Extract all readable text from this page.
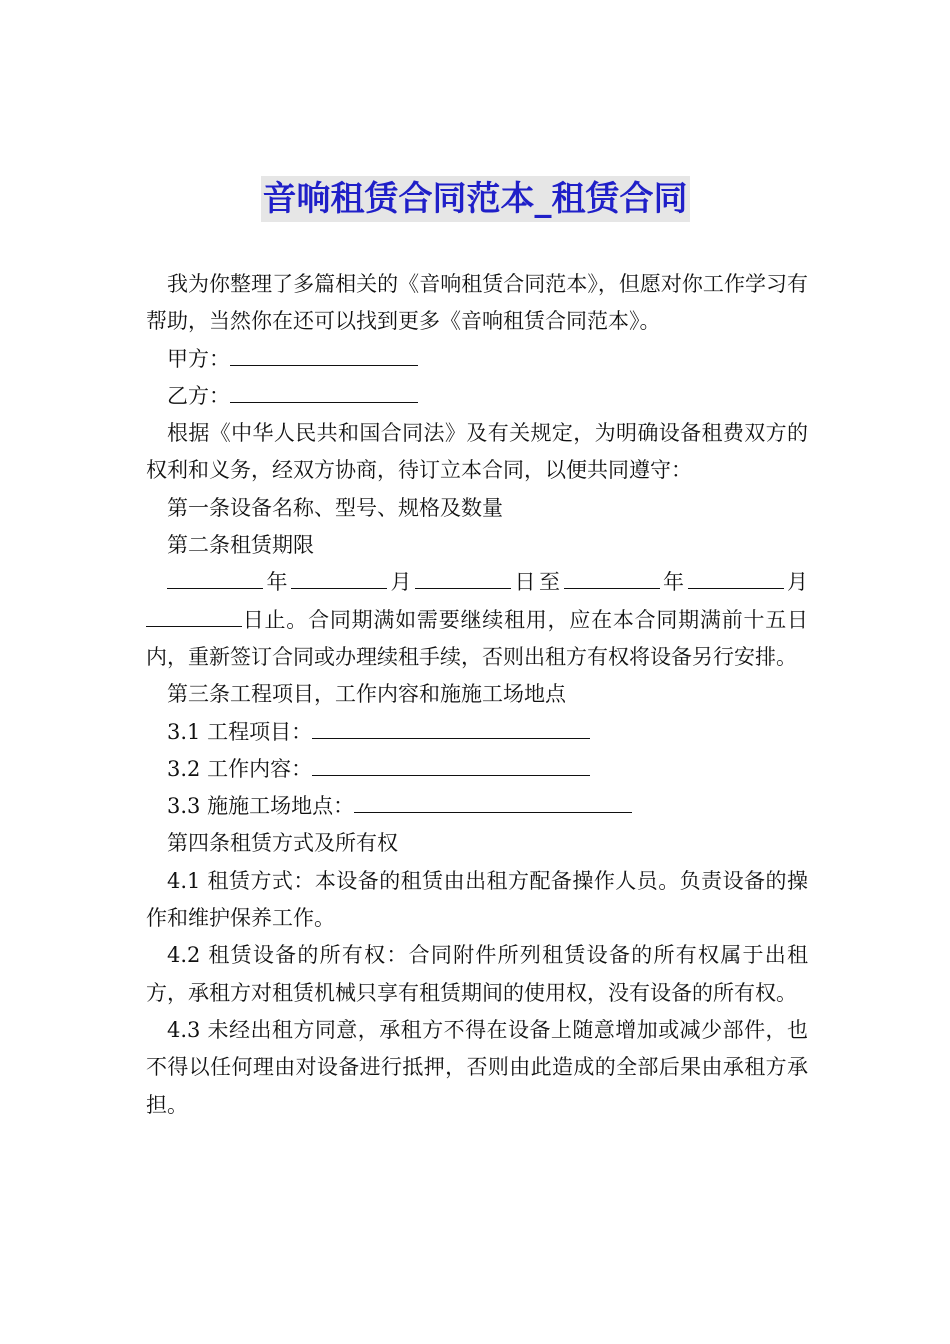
音响租赁合同范本_租赁合同

我为你整理了多篇相关的《音响租赁合同范本》，但愿对你工作学习有帮助，当然你在还可以找到更多《音响租赁合同范本》。

甲方：

乙方：

根据《中华人民共和国合同法》及有关规定，为明确设备租费双方的权利和义务，经双方协商，待订立本合同，以便共同遵守：

第一条设备名称、型号、规格及数量

第二条租赁期限

年	月	日至	年	月日止。合同期满如需要继续租用，应在本合同期满前十五日内，重新签订合同或办理续租手续，否则出租方有权将设备另行安排。

第三条工程项目，工作内容和施施工场地点

3.1 工程项目：

3.2 工作内容：

3.3 施施工场地点：

第四条租赁方式及所有权

4.1 租赁方式：本设备的租赁由出租方配备操作人员。负责设备的操作和维护保养工作。

4.2 租赁设备的所有权：合同附件所列租赁设备的所有权属于出租方，承租方对租赁机械只享有租赁期间的使用权，没有设备的所有权。

4.3 未经出租方同意，承租方不得在设备上随意增加或减少部件，也不得以任何理由对设备进行抵押，否则由此造成的全部后果由承租方承担。
